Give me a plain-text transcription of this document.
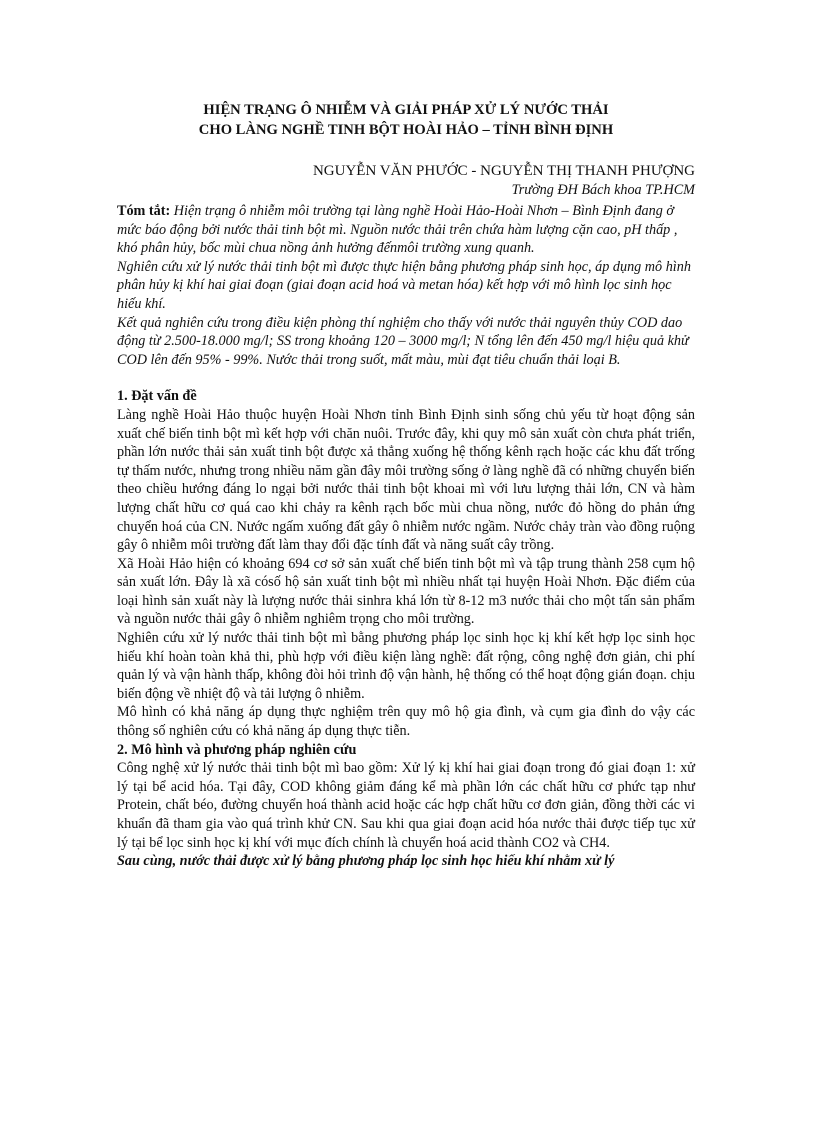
HIỆN TRẠNG Ô NHIỄM VÀ GIẢI PHÁP XỬ LÝ NƯỚC THẢI

CHO LÀNG NGHỀ TINH BỘT HOÀI HẢO – TỈNH BÌNH ĐỊNH

NGUYỄN VĂN PHƯỚC - NGUYỄN THỊ THANH PHƯỢNG
Trường ĐH Bách khoa TP.HCM

Tóm tắt: Hiện trạng ô nhiễm môi trường tại làng nghề Hoài Hảo-Hoài Nhơn – Bình Định đang ở mức báo động bởi nước thải tinh bột mì. Nguồn nước thải trên chứa hàm lượng cặn cao, pH thấp , khó phân hủy, bốc mùi chua nồng ảnh hưởng đếnmôi trường xung quanh.

Nghiên cứu xử lý nước thải tinh bột mì được thực hiện bằng phương pháp sinh học, áp dụng mô hình phân hủy kị khí hai giai đoạn (giai đoạn acid hoá và metan hóa) kết hợp với mô hình lọc sinh học hiếu khí.

Kết quả nghiên cứu trong điều kiện phòng thí nghiệm cho thấy với nước thải nguyên thủy COD dao động từ 2.500-18.000 mg/l; SS trong khoảng 120 – 3000 mg/l; N tổng lên đến 450 mg/l hiệu quả khử COD lên đến 95% - 99%. Nước thải trong suốt, mất màu, mùi đạt tiêu chuẩn thải loại B.

1. Đặt vấn đề

Làng nghề Hoài Hảo thuộc huyện Hoài Nhơn tỉnh Bình Định sinh sống chủ yếu từ hoạt động sản xuất chế biến tinh bột mì kết hợp với chăn nuôi. Trước đây, khi quy mô sản xuất còn chưa phát triển, phần lớn nước thải sản xuất tinh bột được xả thẳng xuống hệ thống kênh rạch hoặc các khu đất trống tự thấm nước, nhưng trong nhiều năm gần đây môi trường sống ở làng nghề đã có những chuyển biến theo chiều hướng đáng lo ngại bởi nước thải tinh bột khoai mì với lưu lượng thải lớn, CN và hàm lượng chất hữu cơ quá cao khi chảy ra kênh rạch bốc mùi chua nồng, nước đỏ hồng do phản ứng chuyển hoá của CN. Nước ngấm xuống đất gây ô nhiễm nước ngầm. Nước chảy tràn vào đồng ruộng gây ô nhiễm môi trường đất làm thay đổi đặc tính đất và năng suất cây trồng.

Xã Hoài Hảo hiện có khoảng 694 cơ sở sản xuất chế biến tinh bột mì và tập trung thành 258 cụm hộ sản xuất lớn. Đây là xã cósố hộ sản xuất tinh bột mì nhiều nhất tại huyện Hoài Nhơn. Đặc điểm của loại hình sản xuất này là lượng nước thải sinhra khá lớn từ 8-12 m3 nước thải cho một tấn sản phẩm và nguồn nước thải gây ô nhiễm nghiêm trọng cho môi trường.

Nghiên cứu xử lý nước thải tinh bột mì bằng phương pháp lọc sinh học kị khí kết hợp lọc sinh học hiếu khí hoàn toàn khả thi, phù hợp với điều kiện làng nghề: đất rộng, công nghệ đơn giản, chi phí quản lý và vận hành thấp, không đòi hỏi trình độ vận hành, hệ thống có thể hoạt động gián đoạn. chịu biến động về nhiệt độ và tải lượng ô nhiễm.

Mô hình có khả năng áp dụng thực nghiệm trên quy mô hộ gia đình, và cụm gia đình do vậy các thông số nghiên cứu có khả năng áp dụng thực tiễn.

2. Mô hình và phương pháp nghiên cứu

Công nghệ xử lý nước thải tinh bột mì bao gồm: Xử lý kị khí hai giai đoạn trong đó giai đoạn 1: xử lý tại bể acid hóa. Tại đây, COD không giảm đáng kể mà phần lớn các chất hữu cơ phức tạp như Protein, chất béo, đường chuyển hoá thành acid hoặc các hợp chất hữu cơ đơn giản, đồng thời các vi khuẩn đã tham gia vào quá trình khử CN. Sau khi qua giai đoạn acid hóa nước thải được tiếp tục xử lý tại bể lọc sinh học kị khí với mục đích chính là chuyển hoá acid thành CO2 và CH4.

Sau cùng, nước thải được xử lý bằng phương pháp lọc sinh học hiếu khí nhằm xử lý
